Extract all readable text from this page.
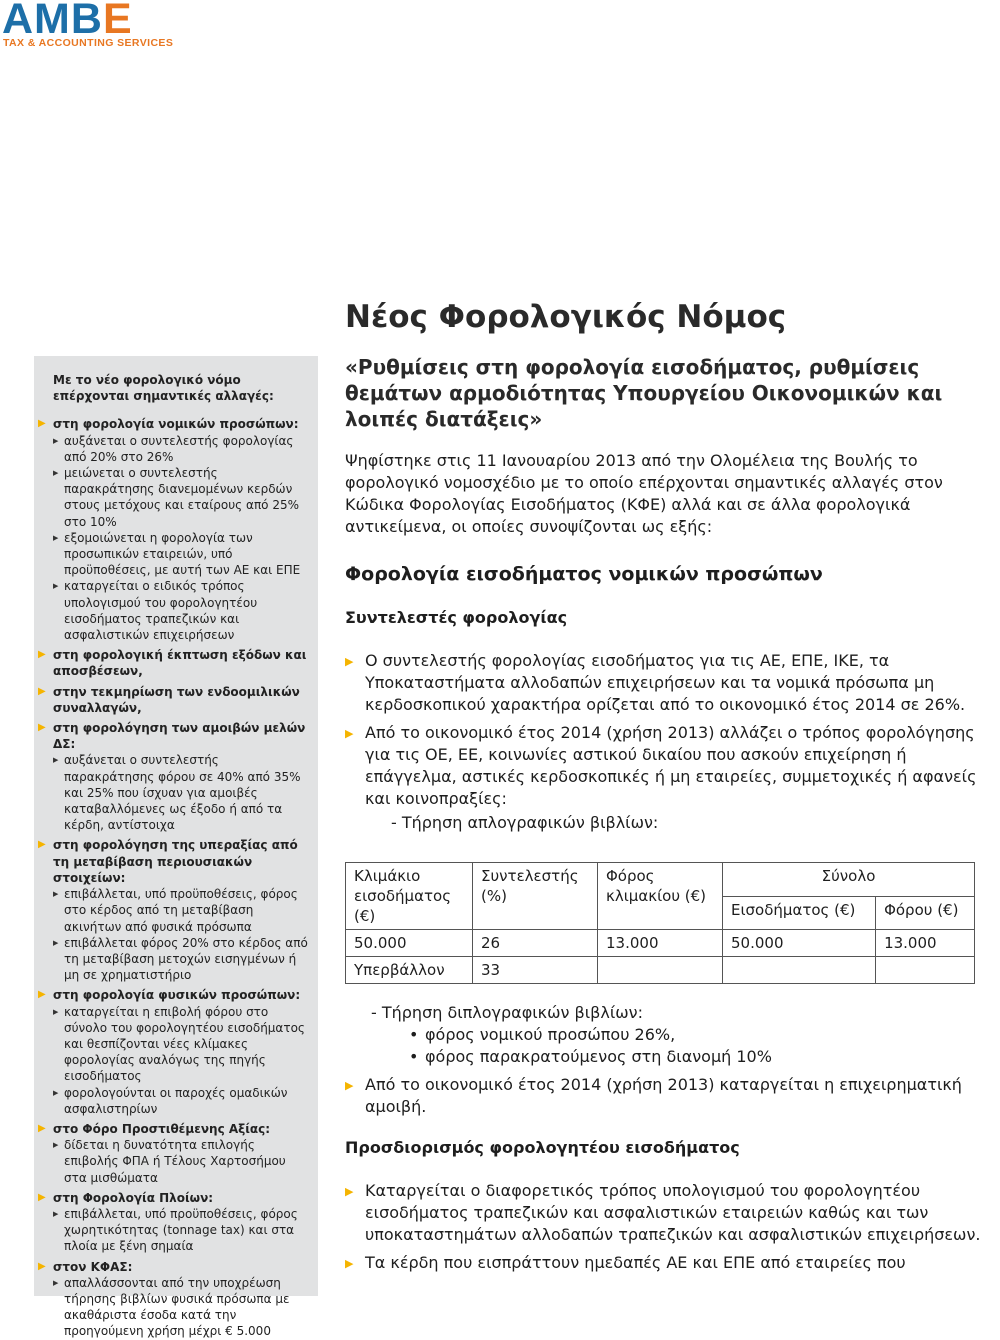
AMBE
TAX & ACCOUNTING SERVICES
Με το νέο φορολογικό νόμο επέρχονται σημαντικές αλλαγές:
▶ στη φορολογία νομικών προσώπων:
▶ αυξάνεται ο συντελεστής φορολογίας από 20% στο 26%
▶ μειώνεται ο συντελεστής παρακράτησης διανεμομένων κερδών στους μετόχους και εταίρους από 25% στο 10%
▶ εξομοιώνεται η φορολογία των προσωπικών εταιρειών, υπό προϋποθέσεις, με αυτή των ΑΕ και ΕΠΕ
▶ καταργείται ο ειδικός τρόπος υπολογισμού του φορολογητέου εισοδήματος τραπεζικών και ασφαλιστικών επιχειρήσεων
▶ στη φορολογική έκπτωση εξόδων και αποσβέσεων,
▶ στην τεκμηρίωση των ενδοομιλικών συναλλαγών,
▶ στη φορολόγηση των αμοιβών μελών ΔΣ:
▶ αυξάνεται ο συντελεστής παρακράτησης φόρου σε 40% από 35% και 25% που ίσχυαν για αμοιβές καταβαλλόμενες ως έξοδο ή από τα κέρδη, αντίστοιχα
▶ στη φορολόγηση της υπεραξίας από τη μεταβίβαση περιουσιακών στοιχείων:
▶ επιβάλλεται, υπό προϋποθέσεις, φόρος στο κέρδος από τη μεταβίβαση ακινήτων από φυσικά πρόσωπα
▶ επιβάλλεται φόρος 20% στο κέρδος από τη μεταβίβαση μετοχών εισηγμένων ή μη σε χρηματιστήριο
▶ στη φορολογία φυσικών προσώπων:
▶ καταργείται η επιβολή φόρου στο σύνολο του φορολογητέου εισοδήματος και θεσπίζονται νέες κλίμακες φορολογίας αναλόγως της πηγής εισοδήματος
▶ φορολογούνται οι παροχές ομαδικών ασφαλιστηρίων
▶ στο Φόρο Προστιθέμενης Αξίας:
▶ δίδεται η δυνατότητα επιλογής επιβολής ΦΠΑ ή Τέλους Χαρτοσήμου στα μισθώματα
▶ στη Φορολογία Πλοίων:
▶ επιβάλλεται, υπό προϋποθέσεις, φόρος χωρητικότητας (tonnage tax) και στα πλοία με ξένη σημαία
▶ στον ΚΦΑΣ:
▶ απαλλάσσονται από την υποχρέωση τήρησης βιβλίων φυσικά πρόσωπα με ακαθάριστα έσοδα κατά την προηγούμενη χρήση μέχρι € 5.000
Νέος Φορολογικός Νόμος
«Ρυθμίσεις στη φορολογία εισοδήματος, ρυθμίσεις θεμάτων αρμοδιότητας Υπουργείου Οικονομικών και λοιπές διατάξεις»
Ψηφίστηκε στις 11 Ιανουαρίου 2013 από την Ολομέλεια της Βουλής το φορολογικό νομοσχέδιο με το οποίο επέρχονται σημαντικές αλλαγές στον Κώδικα Φορολογίας Εισοδήματος (ΚΦΕ) αλλά και σε άλλα φορολογικά αντικείμενα, οι οποίες συνοψίζονται ως εξής:
Φορολογία εισοδήματος νομικών προσώπων
Συντελεστές φορολογίας
▶ Ο συντελεστής φορολογίας εισοδήματος για τις ΑΕ, ΕΠΕ, ΙΚΕ, τα Υποκαταστήματα αλλοδαπών επιχειρήσεων και τα νομικά πρόσωπα μη κερδοσκοπικού χαρακτήρα ορίζεται από το οικονομικό έτος 2014 σε 26%.
▶ Από το οικονομικό έτος 2014 (χρήση 2013) αλλάζει ο τρόπος φορολόγησης για τις ΟΕ, ΕΕ, κοινωνίες αστικού δικαίου που ασκούν επιχείρηση ή επάγγελμα, αστικές κερδοσκοπικές ή μη εταιρείες, συμμετοχικές ή αφανείς και κοινοπραξίες:
- Τήρηση απλογραφικών βιβλίων:
Κλιμάκιο εισοδήματος (€)	Συντελεστής (%)	Φόρος κλιμακίου (€)	Σύνολο	
			Εισοδήματος (€)	Φόρου (€)
50.000	26	13.000	50.000	13.000
Υπερβάλλον	33			
- Τήρηση διπλογραφικών βιβλίων:
• φόρος νομικού προσώπου 26%,
• φόρος παρακρατούμενος στη διανομή 10%
▶ Από το οικονομικό έτος 2014 (χρήση 2013) καταργείται η επιχειρηματική αμοιβή.
Προσδιορισμός φορολογητέου εισοδήματος
▶ Καταργείται ο διαφορετικός τρόπος υπολογισμού του φορολογητέου εισοδήματος τραπεζικών και ασφαλιστικών εταιρειών καθώς και των υποκαταστημάτων αλλοδαπών τραπεζικών και ασφαλιστικών επιχειρήσεων.
▶ Τα κέρδη που εισπράττουν ημεδαπές ΑΕ και ΕΠΕ από εταιρείες που
